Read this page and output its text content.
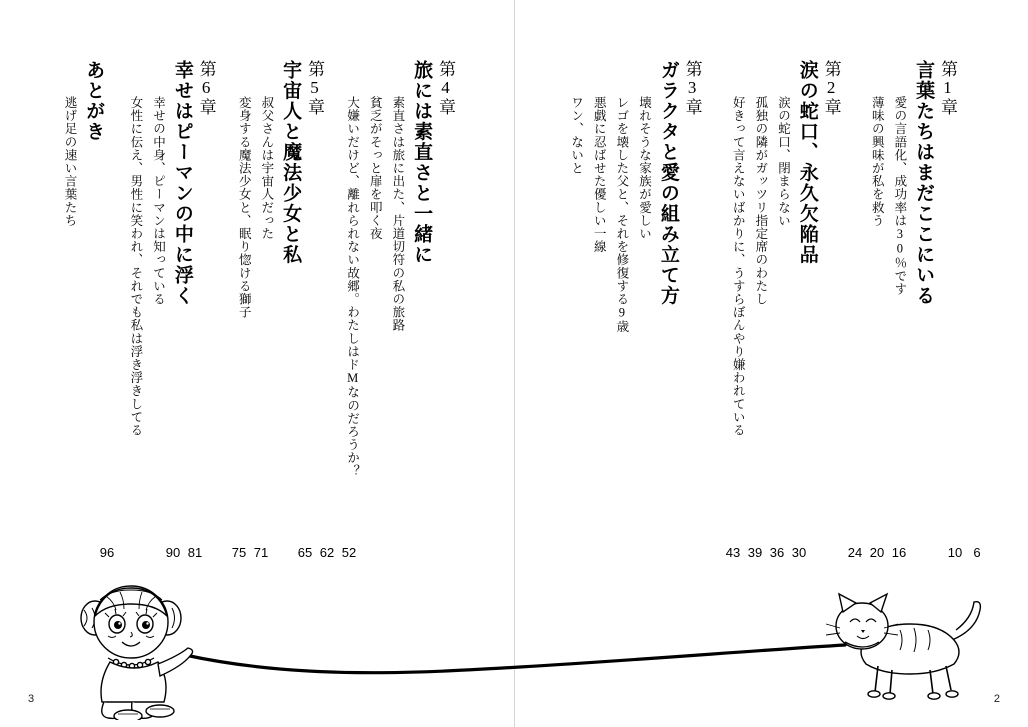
第1章
言葉たちはまだここにいる
愛の言語化、成功率は30％です
薄味の興味が私を救う
第2章
涙の蛇口、永久欠陥品
涙の蛇口、閉まらない
孤独の隣がガッツリ指定席のわたし
好きって言えないばかりに、うすらぼんやり嫌われている
第3章
ガラクタと愛の組み立て方
壊れそうな家族が愛しい
レゴを壊した父と、それを修復する9歳
悪戯に忍ばせた優しい一線
ワン、ないと
43 39 36 30	24 20 16	10 6
2
第4章
旅には素直さと一緒に
素直さは旅に出た、片道切符の私の旅路
貧乏がそっと扉を叩く夜
大嫌いだけど、離れられない故郷。わたしはドMなのだろうか？
第5章
宇宙人と魔法少女と私
叔父さんは宇宙人だった
変身する魔法少女と、眠り惚ける獅子
第6章
幸せはピーマンの中に浮く
幸せの中身、ピーマンは知っている
女性に伝え、男性に笑われ、それでも私は浮き浮きしてる
あとがき
逃げ足の速い言葉たち
96	90 81 75 71 65 62 52
3
